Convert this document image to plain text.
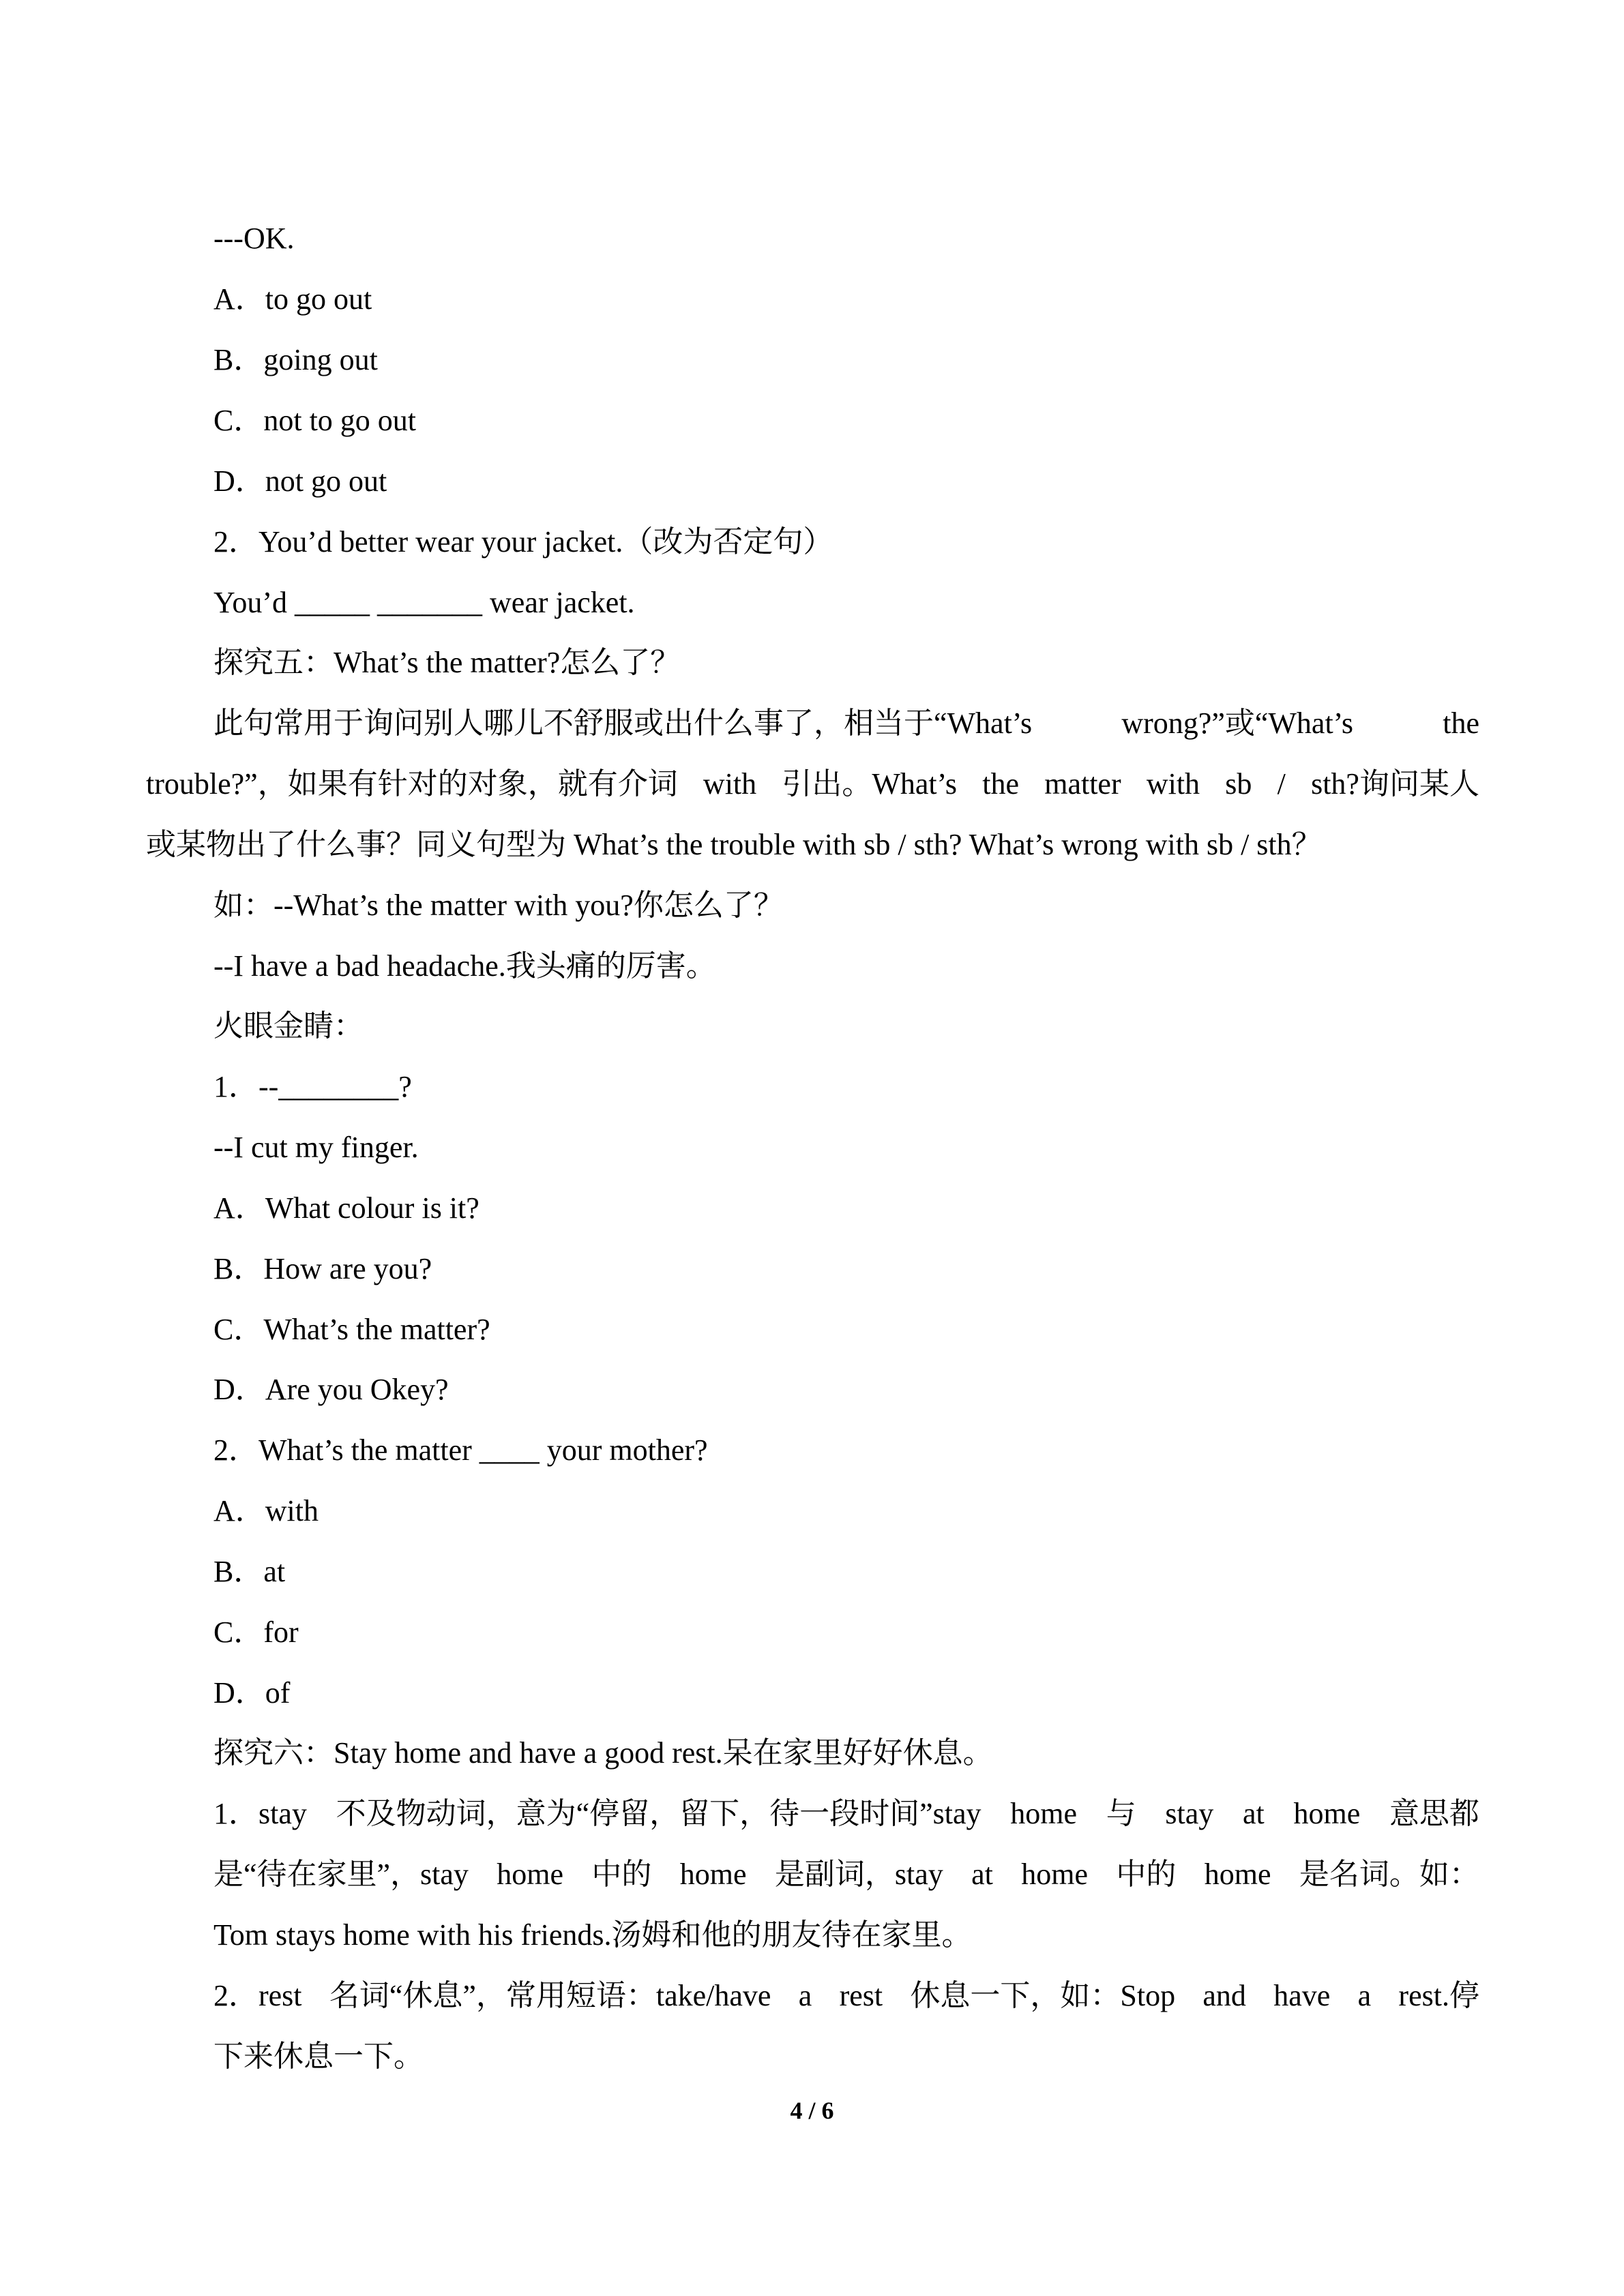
---OK.
A．to go out
B．going out
C．not to go out
D．not go out
2．You’d better wear your jacket.（改为否定句）
You’d _____ _______ wear jacket.
探究五：What’s the matter?怎么了？
此句常用于询问别人哪儿不舒服或出什么事了，相当于“What’s	wrong?”或“What’s	the
trouble?”，如果有针对的对象，就有介词 with 引出。What’s the matter with sb / sth?询问某人
或某物出了什么事？同义句型为 What’s the trouble with sb / sth? What’s wrong with sb / sth？
如：--What’s the matter with you?你怎么了？
--I have a bad headache.我头痛的厉害。
火眼金睛：
1．--________?
--I cut my finger.
A．What colour is it?
B．How are you?
C．What’s the matter?
D．Are you Okey?
2．What’s the matter ____ your mother?
A．with
B．at
C．for
D．of
探究六：Stay home and have a good rest.呆在家里好好休息。
1．stay 不及物动词，意为“停留，留下，待一段时间”stay home 与 stay at home 意思都
是“待在家里”，stay home 中的 home 是副词，stay at home 中的 home 是名词。如：
Tom stays home with his friends.汤姆和他的朋友待在家里。
2．rest 名词“休息”，常用短语：take/have a rest 休息一下，如：Stop and have a rest.停
下来休息一下。
4 / 6
